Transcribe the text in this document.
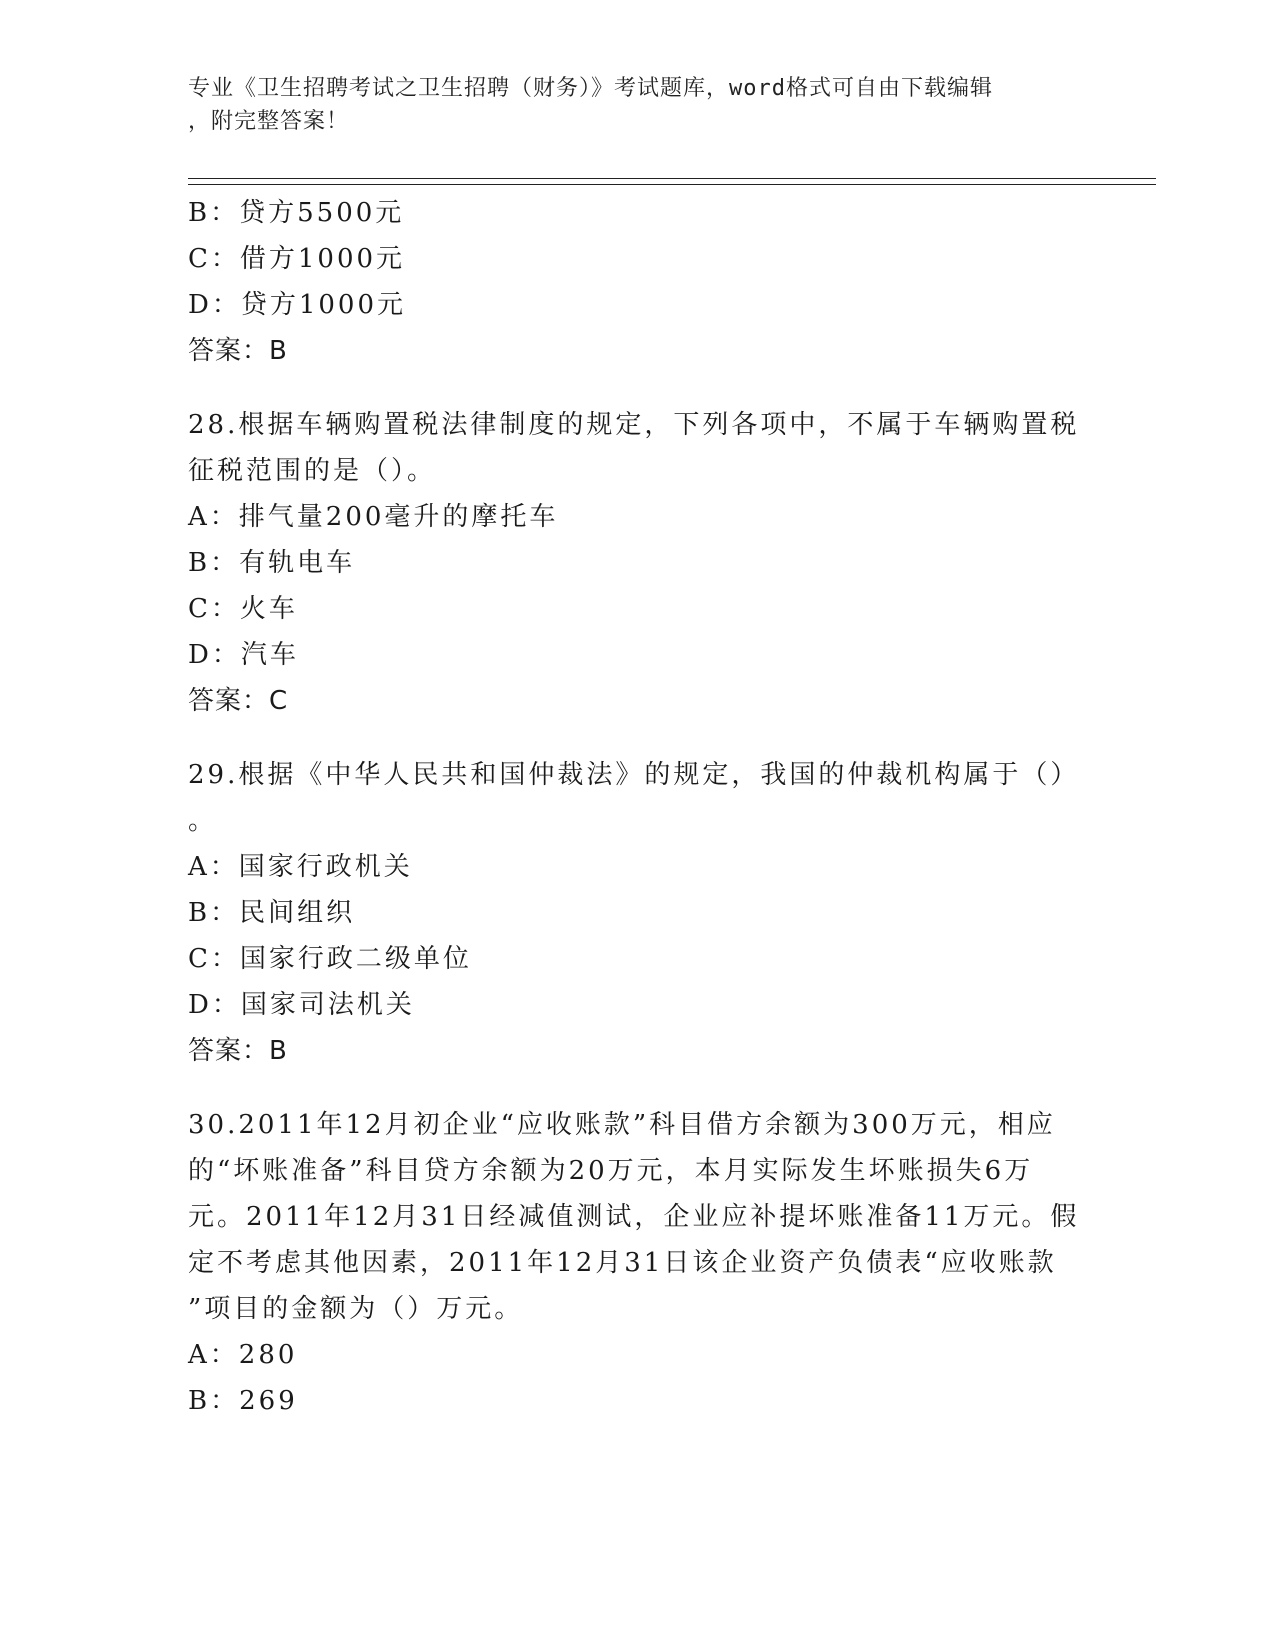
专业《卫生招聘考试之卫生招聘（财务）》考试题库，word格式可自由下载编辑
，附完整答案！
B：贷方5500元
C：借方1000元
D：贷方1000元
答案：B
28.根据车辆购置税法律制度的规定，下列各项中，不属于车辆购置税
征税范围的是（）。
A：排气量200毫升的摩托车
B：有轨电车
C：火车
D：汽车
答案：C
29.根据《中华人民共和国仲裁法》的规定，我国的仲裁机构属于（）
。
A：国家行政机关
B：民间组织
C：国家行政二级单位
D：国家司法机关
答案：B
30.2011年12月初企业“应收账款”科目借方余额为300万元，相应
的“坏账准备”科目贷方余额为20万元，本月实际发生坏账损失6万
元。2011年12月31日经减值测试，企业应补提坏账准备11万元。假
定不考虑其他因素，2011年12月31日该企业资产负债表“应收账款
”项目的金额为（）万元。
A：280
B：269
